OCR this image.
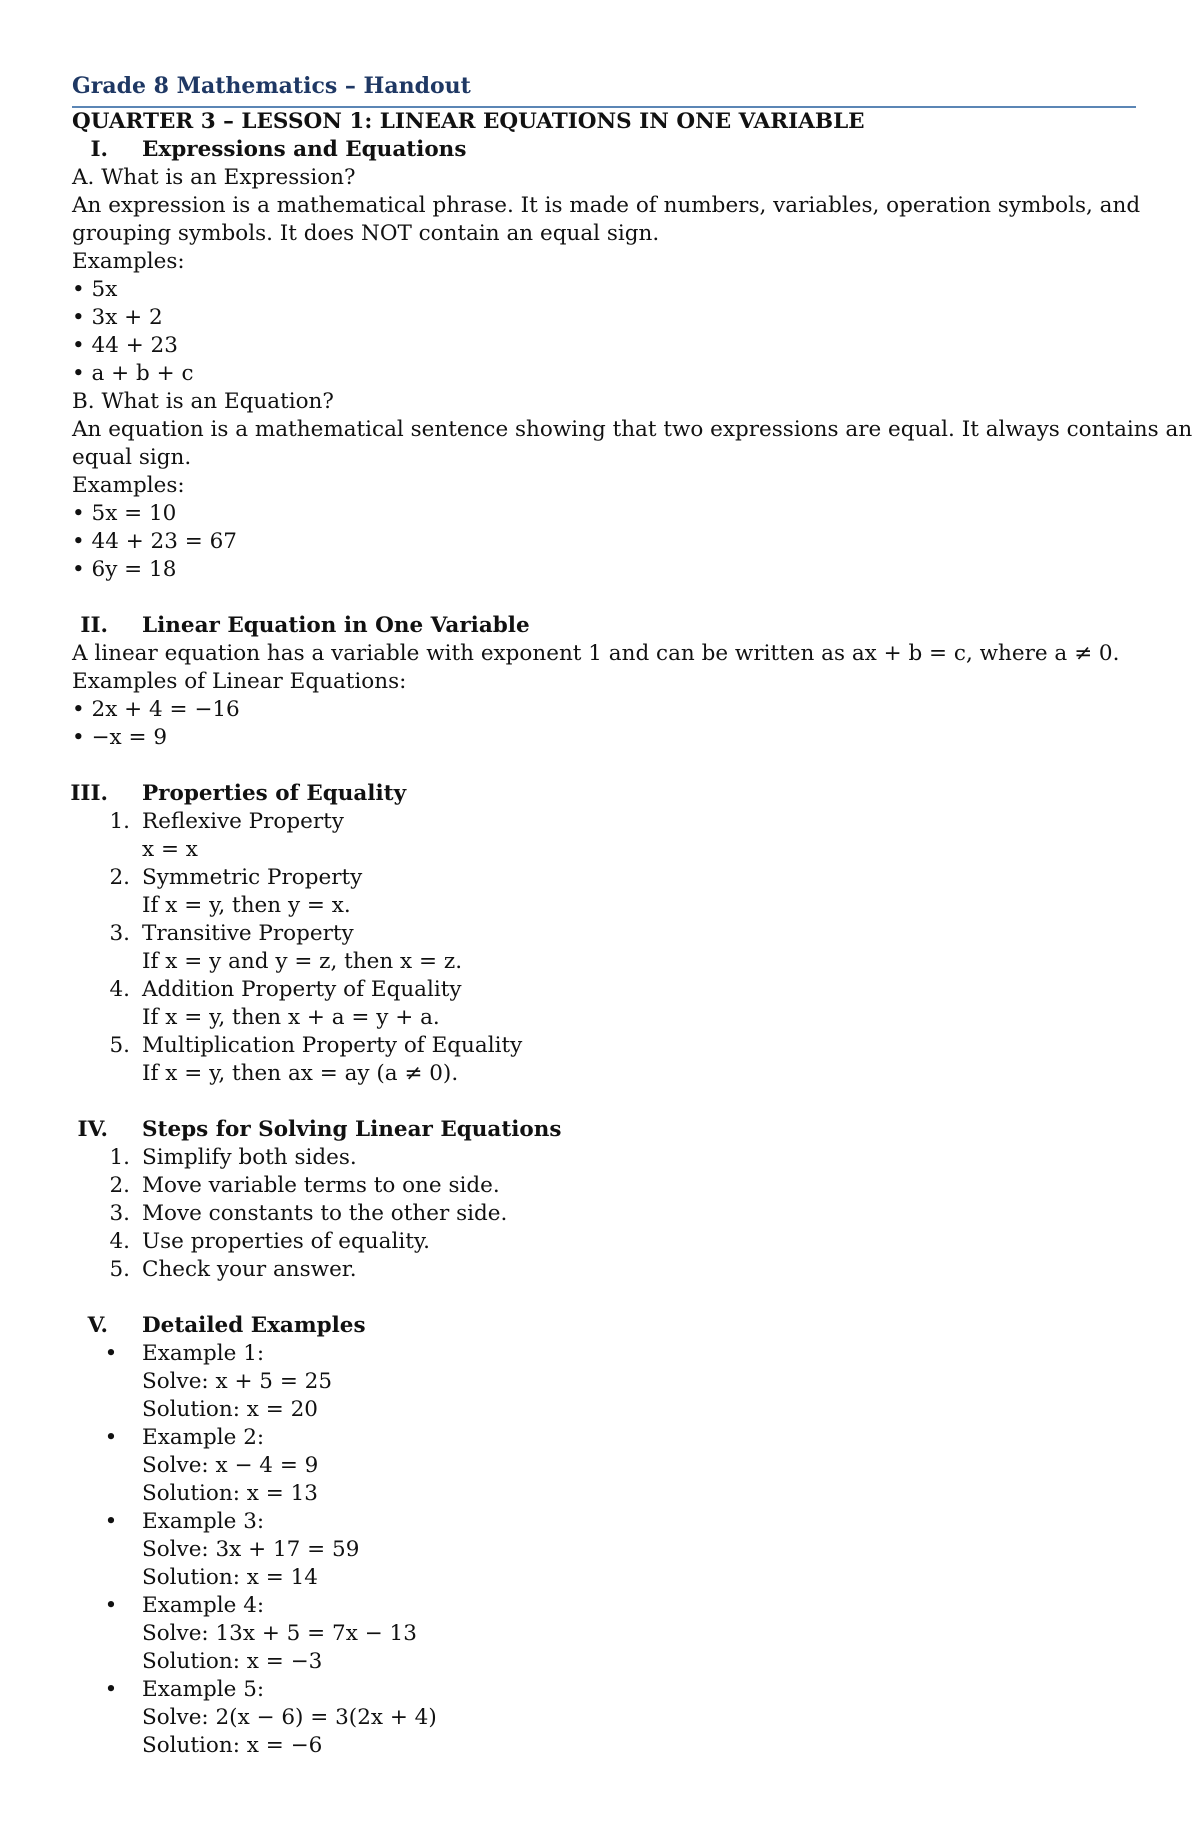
Grade 8 Mathematics – Handout
QUARTER 3 – LESSON 1: LINEAR EQUATIONS IN ONE VARIABLE
I. Expressions and Equations
A. What is an Expression?
An expression is a mathematical phrase. It is made of numbers, variables, operation symbols, and
grouping symbols. It does NOT contain an equal sign.
Examples:
• 5x
• 3x + 2
• 44 + 23
• a + b + c
B. What is an Equation?
An equation is a mathematical sentence showing that two expressions are equal. It always contains an
equal sign.
Examples:
• 5x = 10
• 44 + 23 = 67
• 6y = 18
II. Linear Equation in One Variable
A linear equation has a variable with exponent 1 and can be written as ax + b = c, where a ≠ 0.
Examples of Linear Equations:
• 2x + 4 = −16
• −x = 9
III. Properties of Equality
1. Reflexive Property
x = x
2. Symmetric Property
If x = y, then y = x.
3. Transitive Property
If x = y and y = z, then x = z.
4. Addition Property of Equality
If x = y, then x + a = y + a.
5. Multiplication Property of Equality
If x = y, then ax = ay (a ≠ 0).
IV. Steps for Solving Linear Equations
1. Simplify both sides.
2. Move variable terms to one side.
3. Move constants to the other side.
4. Use properties of equality.
5. Check your answer.
V. Detailed Examples
• Example 1:
Solve: x + 5 = 25
Solution: x = 20
• Example 2:
Solve: x − 4 = 9
Solution: x = 13
• Example 3:
Solve: 3x + 17 = 59
Solution: x = 14
• Example 4:
Solve: 13x + 5 = 7x − 13
Solution: x = −3
• Example 5:
Solve: 2(x − 6) = 3(2x + 4)
Solution: x = −6
